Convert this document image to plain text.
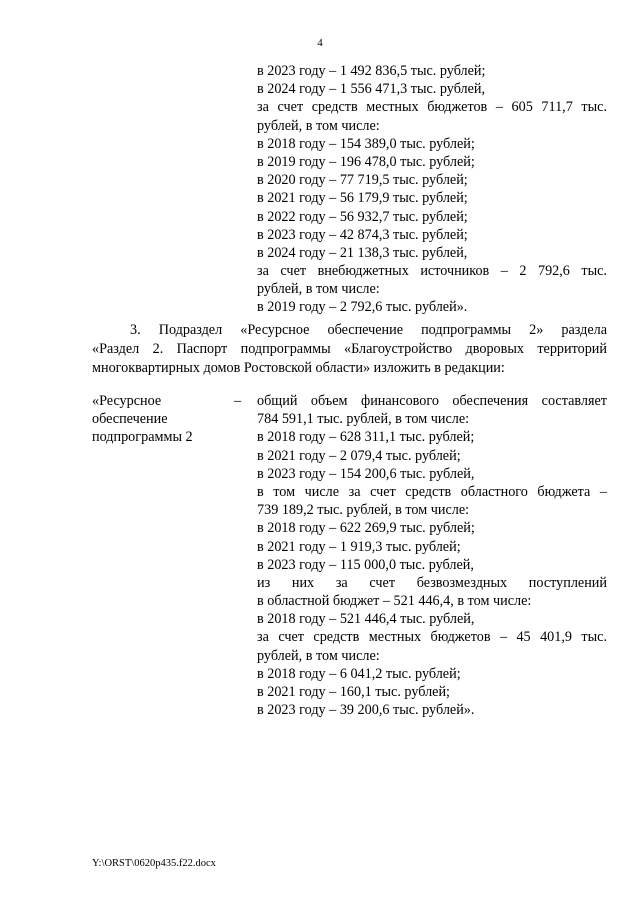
4
в 2023 году – 1 492 836,5 тыс. рублей;
в 2024 году – 1 556 471,3 тыс. рублей,
за счет средств местных бюджетов – 605 711,7 тыс.
рублей, в том числе:
в 2018 году – 154 389,0 тыс. рублей;
в 2019 году – 196 478,0 тыс. рублей;
в 2020 году – 77 719,5 тыс. рублей;
в 2021 году – 56 179,9 тыс. рублей;
в 2022 году – 56 932,7 тыс. рублей;
в 2023 году – 42 874,3 тыс. рублей;
в 2024 году – 21 138,3 тыс. рублей,
за счет внебюджетных источников – 2 792,6 тыс.
рублей, в том числе:
в 2019 году – 2 792,6 тыс. рублей».
3. Подраздел «Ресурсное обеспечение подпрограммы 2» раздела
«Раздел 2. Паспорт подпрограммы «Благоустройство дворовых территорий
многоквартирных домов Ростовской области» изложить в редакции:
«Ресурсное
обеспечение
подпрограммы 2
– общий объем финансового обеспечения составляет
784 591,1 тыс. рублей, в том числе:
в 2018 году – 628 311,1 тыс. рублей;
в 2021 году – 2 079,4 тыс. рублей;
в 2023 году – 154 200,6 тыс. рублей,
в том числе за счет средств областного бюджета –
739 189,2 тыс. рублей, в том числе:
в 2018 году – 622 269,9 тыс. рублей;
в 2021 году – 1 919,3 тыс. рублей;
в 2023 году – 115 000,0 тыс. рублей,
из них за счет безвозмездных поступлений
в областной бюджет – 521 446,4, в том числе:
в 2018 году – 521 446,4 тыс. рублей,
за счет средств местных бюджетов – 45 401,9 тыс.
рублей, в том числе:
в 2018 году – 6 041,2 тыс. рублей;
в 2021 году – 160,1 тыс. рублей;
в 2023 году – 39 200,6 тыс. рублей».
Y:\ORST\0620p435.f22.docx
